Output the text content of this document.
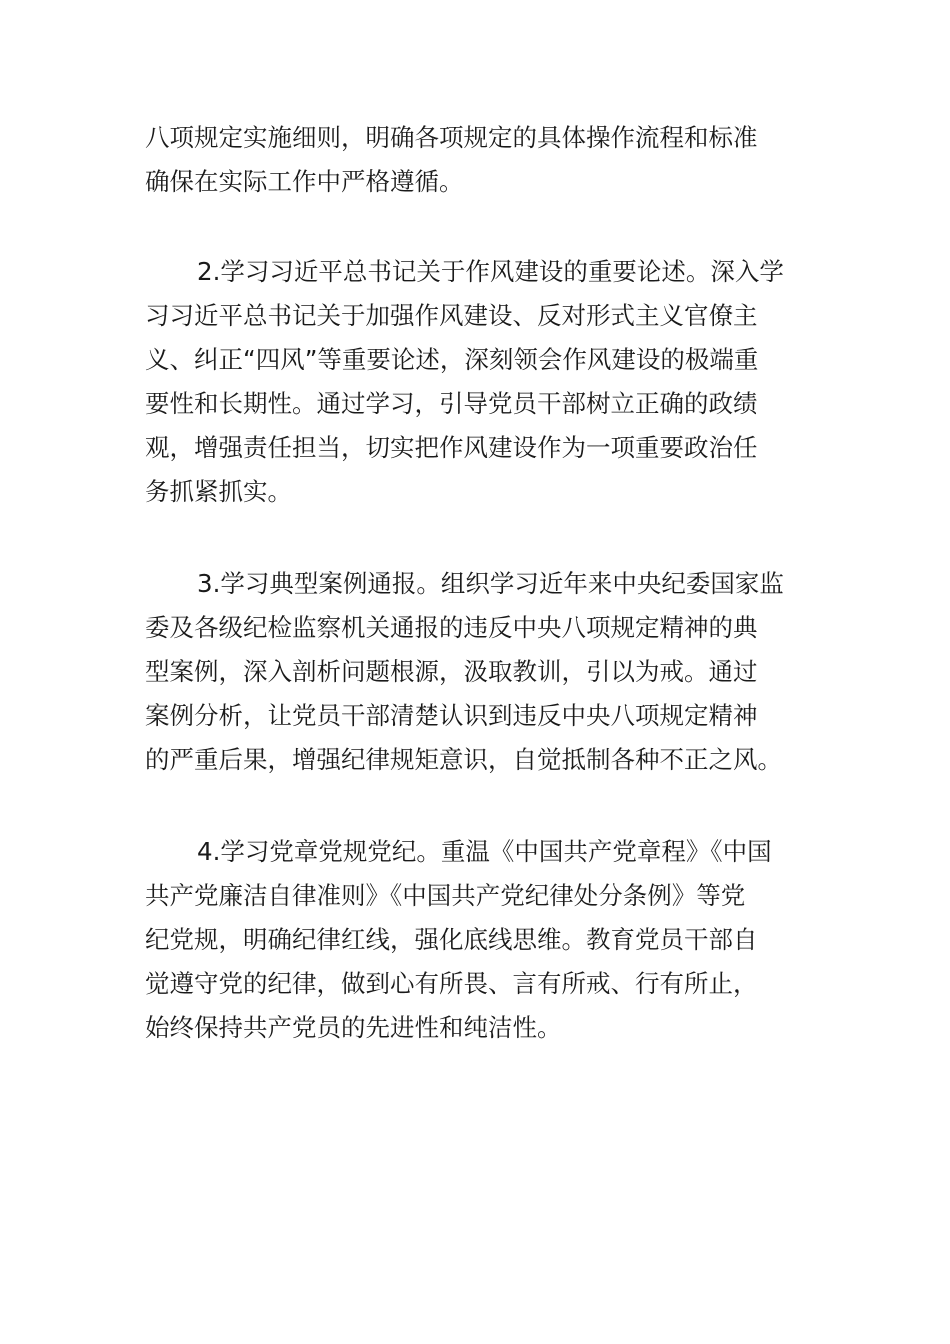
八项规定实施细则，明确各项规定的具体操作流程和标准
确保在实际工作中严格遵循。
2.学习习近平总书记关于作风建设的重要论述。深入学
习习近平总书记关于加强作风建设、反对形式主义官僚主
义、纠正“四风”等重要论述，深刻领会作风建设的极端重
要性和长期性。通过学习，引导党员干部树立正确的政绩
观，增强责任担当，切实把作风建设作为一项重要政治任
务抓紧抓实。
3.学习典型案例通报。组织学习近年来中央纪委国家监
委及各级纪检监察机关通报的违反中央八项规定精神的典
型案例，深入剖析问题根源，汲取教训，引以为戒。通过
案例分析，让党员干部清楚认识到违反中央八项规定精神
的严重后果，增强纪律规矩意识，自觉抵制各种不正之风。
4.学习党章党规党纪。重温《中国共产党章程》《中国
共产党廉洁自律准则》《中国共产党纪律处分条例》等党
纪党规，明确纪律红线，强化底线思维。教育党员干部自
觉遵守党的纪律，做到心有所畏、言有所戒、行有所止，
始终保持共产党员的先进性和纯洁性。
